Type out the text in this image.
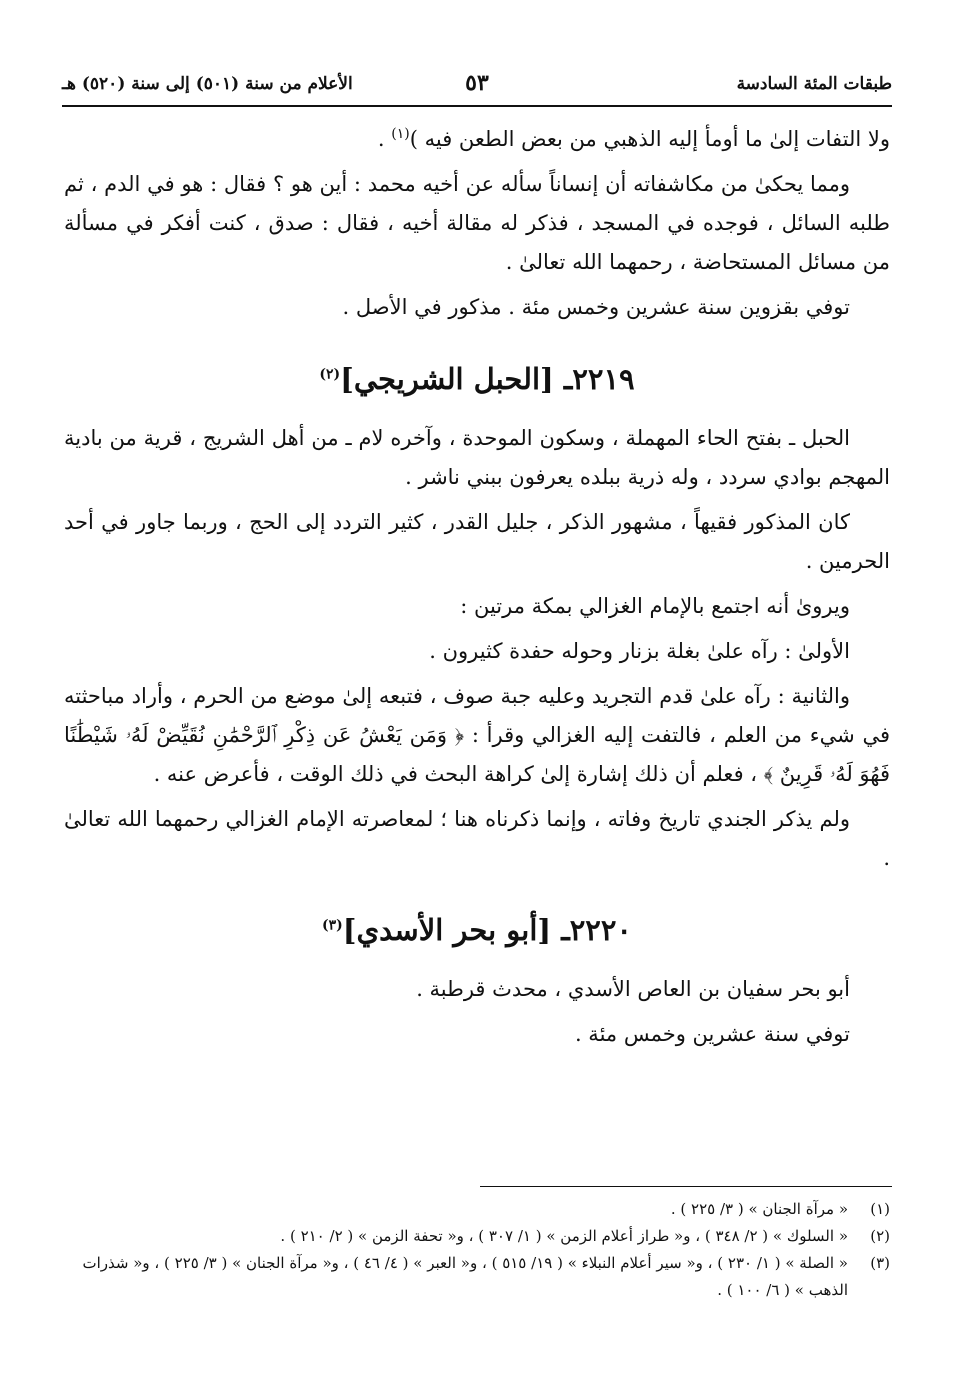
طبقات المئة السادسة
٥٣
الأعلام من سنة (٥٠١) إلى سنة (٥٢٠) هـ

ولا التفات إلىٰ ما أومأ إليه الذهبي من بعض الطعن فيه )$^{(١)}$ .

ومما يحكىٰ من مكاشفاته أن إنساناً سأله عن أخيه محمد : أين هو ؟ فقال : هو في الدم ، ثم طلبه السائل ، فوجده في المسجد ، فذكر له مقالة أخيه ، فقال : صدق ، كنت أفكر في مسألة من مسائل المستحاضة ، رحمهما الله تعالىٰ .

توفي بقزوين سنة عشرين وخمس مئة . مذكور في الأصل .

٢٢١٩ـ [الحبل الشريجي]$^{(٢)}$

الحبل ـ بفتح الحاء المهملة ، وسكون الموحدة ، وآخره لام ـ من أهل الشريج ، قرية من بادية المهجم بوادي سردد ، وله ذرية ببلده يعرفون ببني ناشر .

كان المذكور فقيهاً ، مشهور الذكر ، جليل القدر ، كثير التردد إلى الحج ، وربما جاور في أحد الحرمين .

ويروىٰ أنه اجتمع بالإمام الغزالي بمكة مرتين :

الأولىٰ : رآه علىٰ بغلة بزنار وحوله حفدة كثيرون .

والثانية : رآه علىٰ قدم التجريد وعليه جبة صوف ، فتبعه إلىٰ موضع من الحرم ، وأراد مباحثته في شيء من العلم ، فالتفت إليه الغزالي وقرأ : ﴿ وَمَن يَعْشُ عَن ذِكْرِ ٱلرَّحْمَٰنِ نُقَيِّضْ لَهُۥ شَيْطَٰنًا فَهُوَ لَهُۥ قَرِينٌ ﴾ ، فعلم أن ذلك إشارة إلىٰ كراهة البحث في ذلك الوقت ، فأعرض عنه .

ولم يذكر الجندي تاريخ وفاته ، وإنما ذكرناه هنا ؛ لمعاصرته الإمام الغزالي رحمهما الله تعالىٰ .

٢٢٢٠ـ [أبو بحر الأسدي]$^{(٣)}$

أبو بحر سفيان بن العاص الأسدي ، محدث قرطبة .

توفي سنة عشرين وخمس مئة .

(١)
« مرآة الجنان » ( ٣/ ٢٢٥ ) .
(٢)
« السلوك » ( ٢/ ٣٤٨ ) ، و« طراز أعلام الزمن » ( ١/ ٣٠٧ ) ، و« تحفة الزمن » ( ٢/ ٢١٠ ) .
(٣)
« الصلة » ( ١/ ٢٣٠ ) ، و« سير أعلام النبلاء » ( ١٩/ ٥١٥ ) ، و« العبر » ( ٤/ ٤٦ ) ، و« مرآة الجنان » ( ٣/ ٢٢٥ ) ، و« شذرات الذهب » ( ٦/ ١٠٠ ) .
